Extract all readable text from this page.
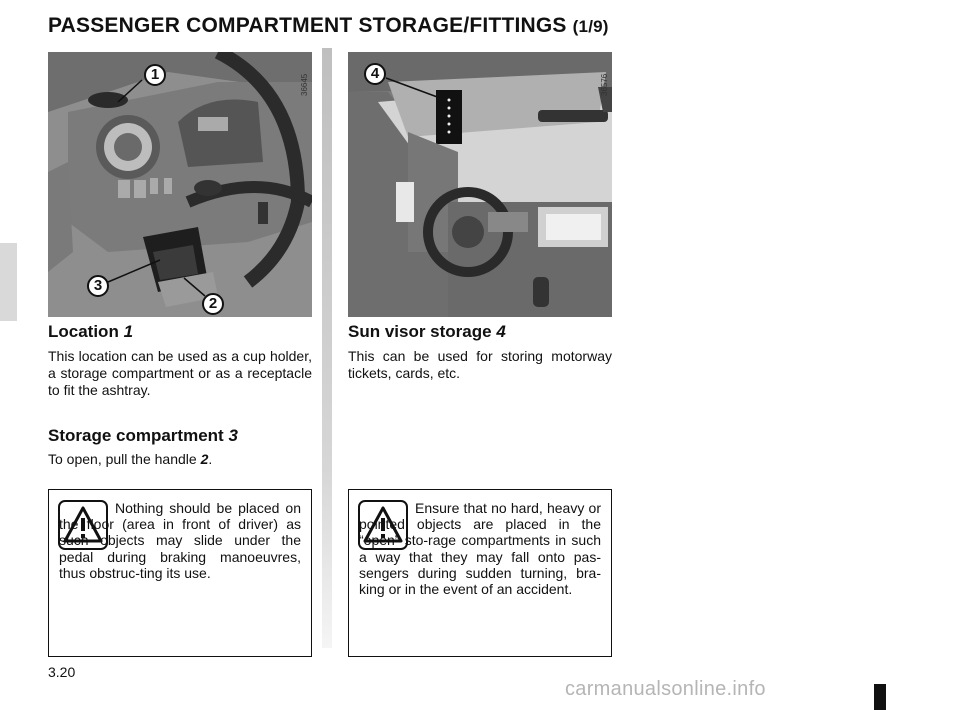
PASSENGER COMPARTMENT STORAGE/FITTINGS (1/9)
36645
1
3
2
36576
4
Location 1

This location can be used as a cup holder, a storage compartment or as a receptacle to fit the ashtray.

Storage compartment 3

To open, pull the handle 2.

Nothing should be placed on the floor (area in front of driver) as such objects may slide under the pedal during braking manoeuvres, thus obstruc-ting its use.

Sun visor storage 4

This can be used for storing motorway tickets, cards, etc.

Ensure that no hard, heavy or pointed objects are placed in the “open” sto-rage compartments in such a way that they may fall onto pas-sengers during sudden turning, bra-king or in the event of an accident.

3.20
carmanualsonline.info
